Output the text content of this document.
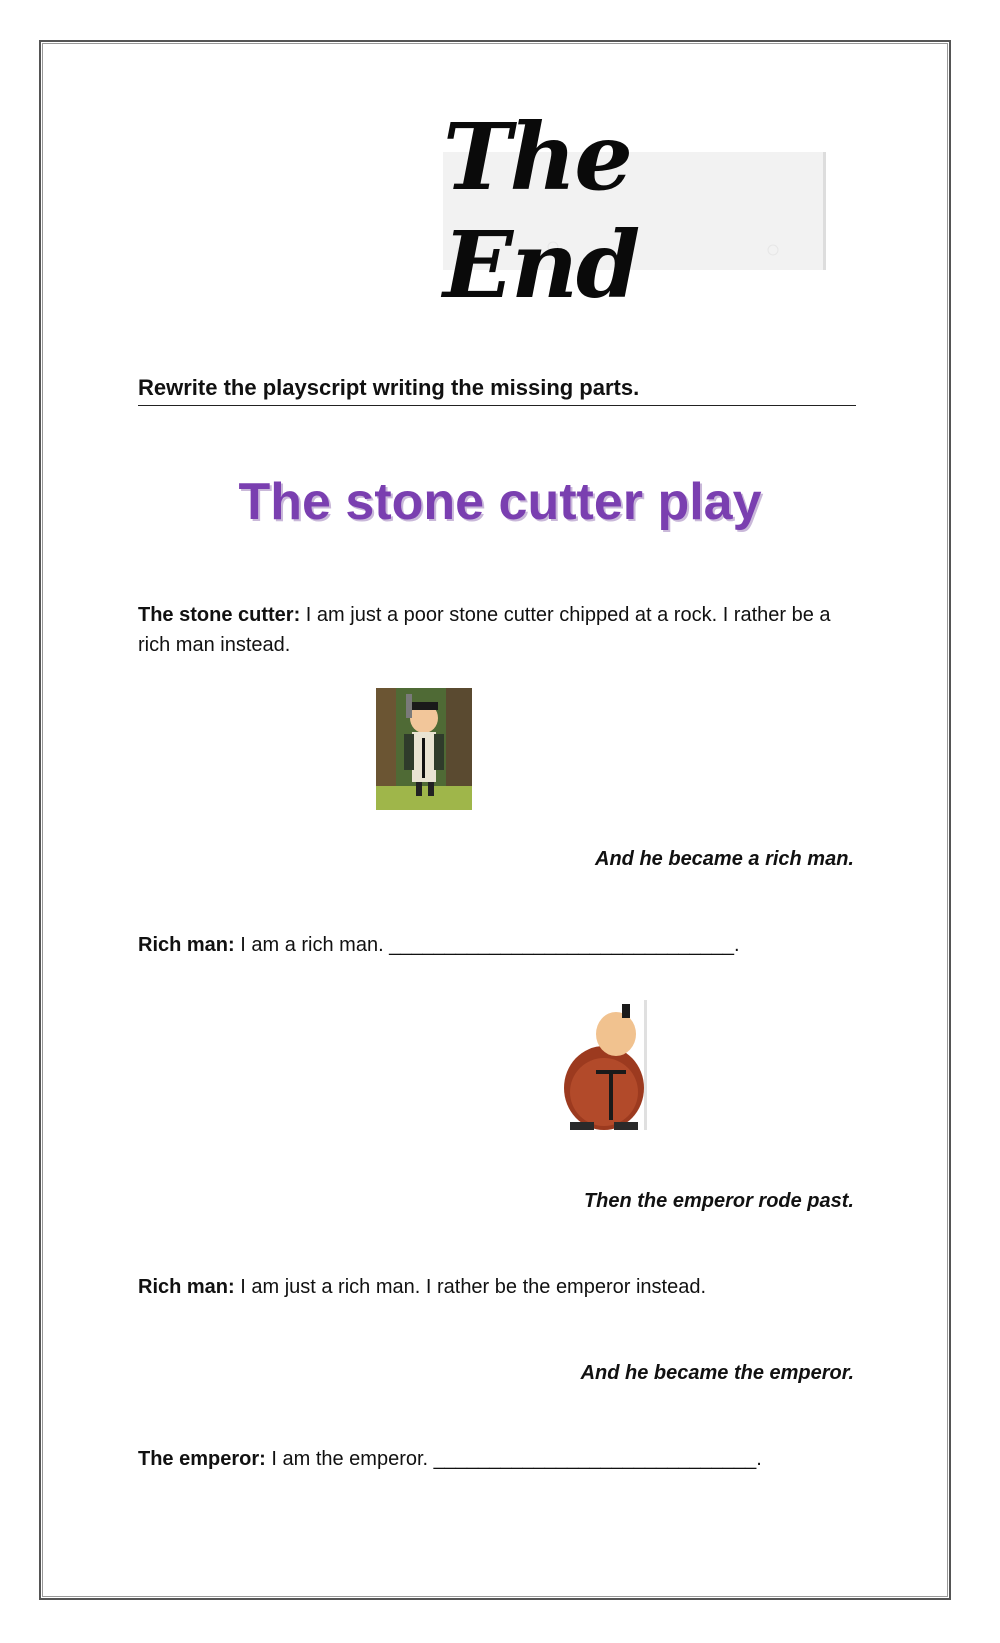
The End
Rewrite the playscript writing the missing parts.
The stone cutter play
The stone cutter: I am just a poor stone cutter chipped at a rock. I rather be a rich man instead.
And he became a rich man.
Rich man: I am a rich man. _______________________________.
Then the emperor rode past.
Rich man: I am just a rich man. I rather be the emperor instead.
And he became the emperor.
The emperor: I am the emperor. _____________________________.
